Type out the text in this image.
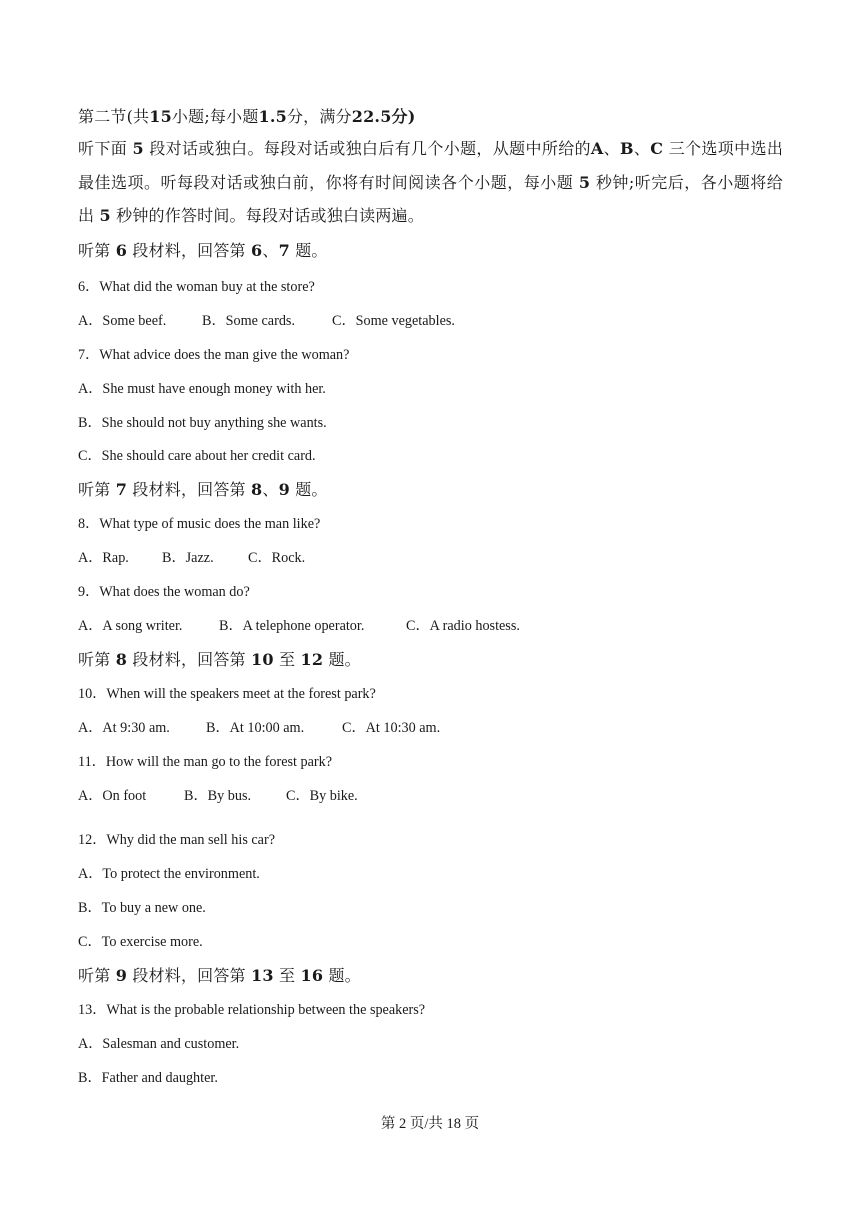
第二节(共15小题;每小题1.5分，满分22.5分)
听下面 5 段对话或独白。每段对话或独白后有几个小题，从题中所给的A、B、C 三个选项中选出最佳选项。听每段对话或独白前，你将有时间阅读各个小题，每小题 5 秒钟;听完后，各小题将给出 5 秒钟的作答时间。每段对话或独白读两遍。
听第 6 段材料，回答第 6、7 题。
6．What did the woman buy at the store?
A．Some beef.	B．Some cards.	C．Some vegetables.
7．What advice does the man give the woman?
A．She must have enough money with her.
B．She should not buy anything she wants.
C．She should care about her credit card.
听第 7 段材料，回答第 8、9 题。
8．What type of music does the man like?
A．Rap. B．Jazz. C．Rock.
9．What does the woman do?
A．A song writer.	B．A telephone operator.	C．A radio hostess.
听第 8 段材料，回答第 10 至 12 题。
10．When will the speakers meet at the forest park?
A．At 9:30 am.	B．At 10:00 am.	C．At 10:30 am.
11．How will the man go to the forest park?
A．On foot	B．By bus. C．By bike.
12．Why did the man sell his car?
A．To protect the environment.
B．To buy a new one.
C．To exercise more.
听第 9 段材料，回答第 13 至 16 题。
13．What is the probable relationship between the speakers?
A．Salesman and customer.
B．Father and daughter.
第 2 页/共 18 页
